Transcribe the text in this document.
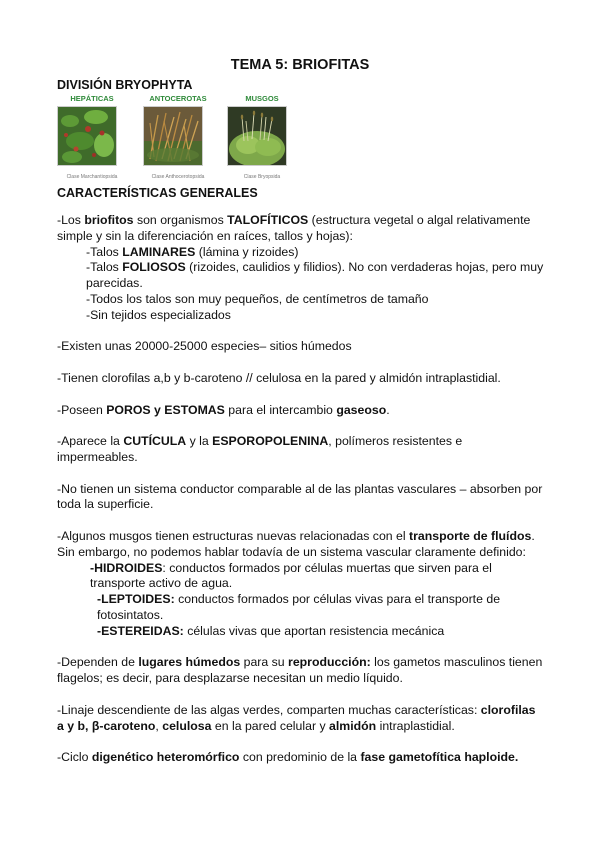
TEMA 5: BRIOFITAS
DIVISIÓN BRYOPHYTA
HEPÁTICAS
Clase Marchantiopsida
ANTOCEROTAS
Clase Anthocerotopsida
MUSGOS
Clase Bryopsida
CARACTERÍSTICAS GENERALES

-Los briofitos son organismos TALOFÍTICOS (estructura vegetal o algal relativamente simple y sin la diferenciación en raíces, tallos y hojas):

-Talos LAMINARES (lámina y rizoides)

-Talos FOLIOSOS (rizoides, caulidios y filidios). No con verdaderas hojas, pero muy parecidas.

-Todos los talos son muy pequeños, de centímetros de tamaño

-Sin tejidos especializados

-Existen unas 20000-25000 especies– sitios húmedos

-Tienen clorofilas a,b y b-caroteno // celulosa en la pared y almidón intraplastidial.

-Poseen POROS y ESTOMAS para el intercambio gaseoso.

-Aparece la CUTÍCULA y la ESPOROPOLENINA, polímeros resistentes e impermeables.

-No tienen un sistema conductor comparable al de las plantas vasculares – absorben por toda la superficie.

-Algunos musgos tienen estructuras nuevas relacionadas con el transporte de fluídos. Sin embargo, no podemos hablar todavía de un sistema vascular claramente definido:

-HIDROIDES: conductos formados por células muertas que sirven para el transporte activo de agua.

-LEPTOIDES: conductos formados por células vivas para el transporte de fotosintatos.

-ESTEREIDAS: células vivas que aportan resistencia mecánica

-Dependen de lugares húmedos para su reproducción: los gametos masculinos tienen flagelos; es decir, para desplazarse necesitan un medio líquido.

-Linaje descendiente de las algas verdes, comparten muchas características: clorofilas a y b, β-caroteno, celulosa en la pared celular y almidón intraplastidial.

-Ciclo digenético heteromórfico con predominio de la fase gametofítica haploide.
